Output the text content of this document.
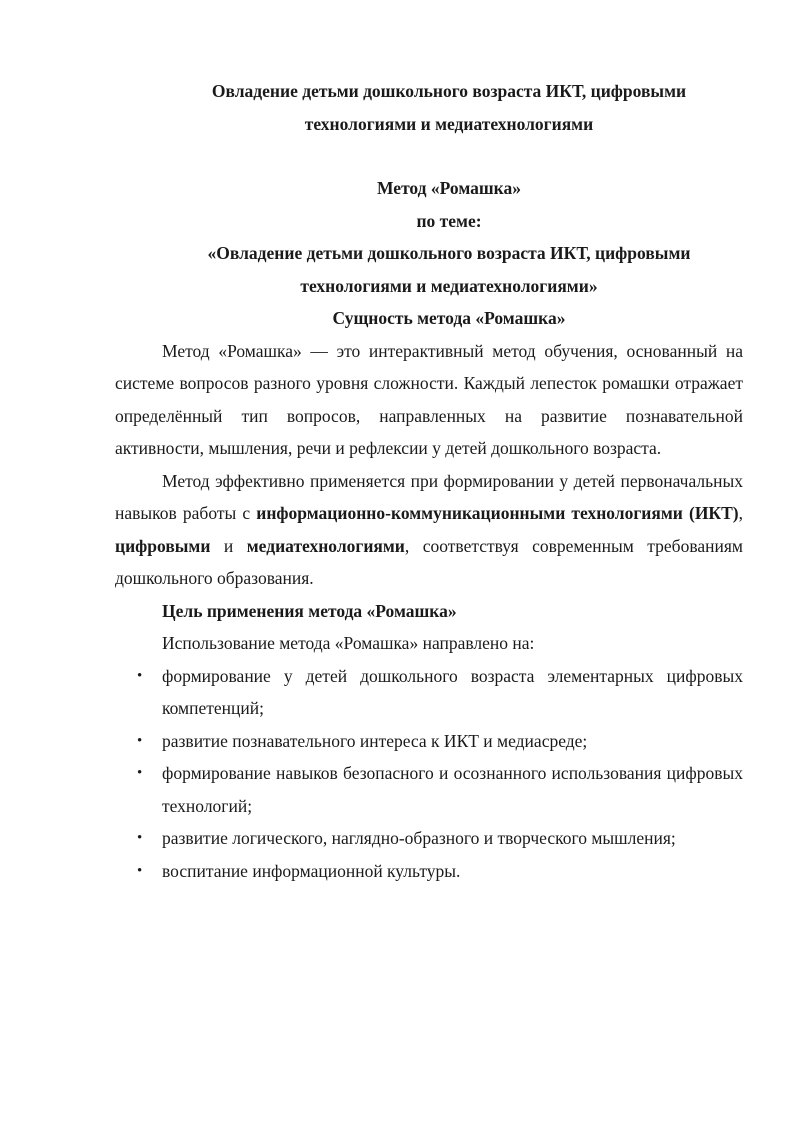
Овладение детьми дошкольного возраста ИКТ, цифровыми

технологиями и медиатехнологиями

Метод «Ромашка»

по теме:

«Овладение детьми дошкольного возраста ИКТ, цифровыми

технологиями и медиатехнологиями»

Сущность метода «Ромашка»

Метод «Ромашка» — это интерактивный метод обучения, основанный на системе вопросов разного уровня сложности. Каждый лепесток ромашки отражает определённый тип вопросов, направленных на развитие познавательной активности, мышления, речи и рефлексии у детей дошкольного возраста.

Метод эффективно применяется при формировании у детей первоначальных навыков работы с информационно-коммуникационными технологиями (ИКТ), цифровыми и медиатехнологиями, соответствуя современным требованиям дошкольного образования.

Цель применения метода «Ромашка»

Использование метода «Ромашка» направлено на:

• формирование у детей дошкольного возраста элементарных цифровых компетенций;
• развитие познавательного интереса к ИКТ и медиасреде;
• формирование навыков безопасного и осознанного использования цифровых технологий;
• развитие логического, наглядно-образного и творческого мышления;
• воспитание информационной культуры.
